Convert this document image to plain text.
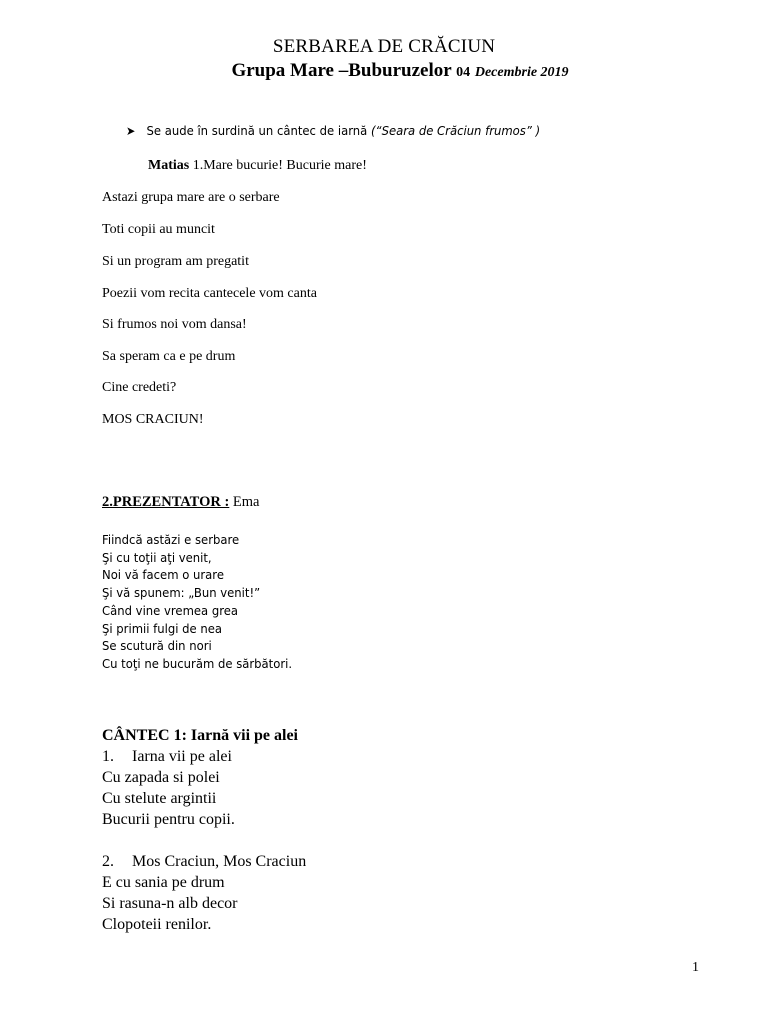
SERBAREA DE CRĂCIUN
Grupa Mare –Buburuzelor 04 Decembrie 2019
➤ Se aude în surdină un cântec de iarnă (“Seara de Crăciun frumos” )
Matias 1.Mare bucurie! Bucurie mare!
Astazi grupa mare are o serbare
Toti copii au muncit
Si un program am pregatit
Poezii vom recita cantecele vom canta
Si frumos noi vom dansa!
Sa speram ca e pe drum
Cine credeti?
MOS CRACIUN!
2.PREZENTATOR : Ema
Fiindcă astăzi e serbare
Şi cu toţii aţi venit,
Noi vă facem o urare
Şi vă spunem: „Bun venit!”
Când vine vremea grea
Şi primii fulgi de nea
Se scutură din nori
Cu toţi ne bucurăm de sărbători.
CÂNTEC 1: Iarnă vii pe alei
1. Iarna vii pe alei
Cu zapada si polei
Cu stelute argintii
Bucurii pentru copii.
2. Mos Craciun, Mos Craciun
E cu sania pe drum
Si rasuna-n alb decor
Clopoteii renilor.
1
